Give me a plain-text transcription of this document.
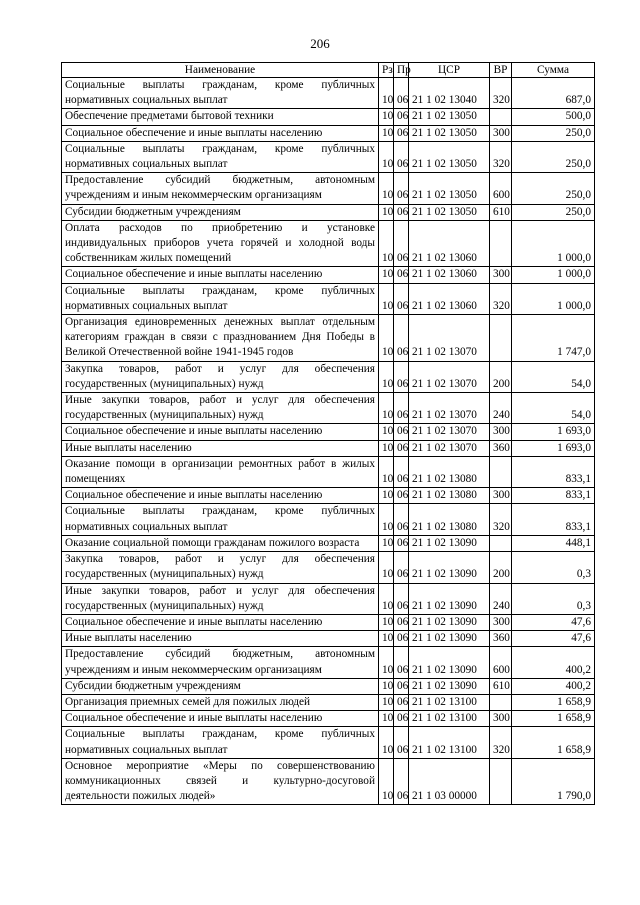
206
Наименование	Рз	Пр	ЦСР	ВР	Сумма
Социальные выплаты гражданам, кроме публичных нормативных социальных выплат	10	06	21 1 02 13040	320	687,0
Обеспечение предметами бытовой техники	10	06	21 1 02 13050		500,0
Социальное обеспечение и иные выплаты населению	10	06	21 1 02 13050	300	250,0
Социальные выплаты гражданам, кроме публичных нормативных социальных выплат	10	06	21 1 02 13050	320	250,0
Предоставление субсидий бюджетным, автономным учреждениям и иным некоммерческим организациям	10	06	21 1 02 13050	600	250,0
Субсидии бюджетным учреждениям	10	06	21 1 02 13050	610	250,0
Оплата расходов по приобретению и установке индивидуальных приборов учета горячей и холодной воды собственникам жилых помещений	10	06	21 1 02 13060		1 000,0
Социальное обеспечение и иные выплаты населению	10	06	21 1 02 13060	300	1 000,0
Социальные выплаты гражданам, кроме публичных нормативных социальных выплат	10	06	21 1 02 13060	320	1 000,0
Организация единовременных денежных выплат отдельным категориям граждан в связи с празднованием Дня Победы в Великой Отечественной войне 1941-1945 годов	10	06	21 1 02 13070		1 747,0
Закупка товаров, работ и услуг для обеспечения государственных (муниципальных) нужд	10	06	21 1 02 13070	200	54,0
Иные закупки товаров, работ и услуг для обеспечения государственных (муниципальных) нужд	10	06	21 1 02 13070	240	54,0
Социальное обеспечение и иные выплаты населению	10	06	21 1 02 13070	300	1 693,0
Иные выплаты населению	10	06	21 1 02 13070	360	1 693,0
Оказание помощи в организации ремонтных работ в жилых помещениях	10	06	21 1 02 13080		833,1
Социальное обеспечение и иные выплаты населению	10	06	21 1 02 13080	300	833,1
Социальные выплаты гражданам, кроме публичных нормативных социальных выплат	10	06	21 1 02 13080	320	833,1
Оказание социальной помощи гражданам пожилого возраста	10	06	21 1 02 13090		448,1
Закупка товаров, работ и услуг для обеспечения государственных (муниципальных) нужд	10	06	21 1 02 13090	200	0,3
Иные закупки товаров, работ и услуг для обеспечения государственных (муниципальных) нужд	10	06	21 1 02 13090	240	0,3
Социальное обеспечение и иные выплаты населению	10	06	21 1 02 13090	300	47,6
Иные выплаты населению	10	06	21 1 02 13090	360	47,6
Предоставление субсидий бюджетным, автономным учреждениям и иным некоммерческим организациям	10	06	21 1 02 13090	600	400,2
Субсидии бюджетным учреждениям	10	06	21 1 02 13090	610	400,2
Организация приемных семей для пожилых людей	10	06	21 1 02 13100		1 658,9
Социальное обеспечение и иные выплаты населению	10	06	21 1 02 13100	300	1 658,9
Социальные выплаты гражданам, кроме публичных нормативных социальных выплат	10	06	21 1 02 13100	320	1 658,9
Основное мероприятие «Меры по совершенствованию коммуникационных связей и культурно-досуговой деятельности пожилых людей»	10	06	21 1 03 00000		1 790,0
